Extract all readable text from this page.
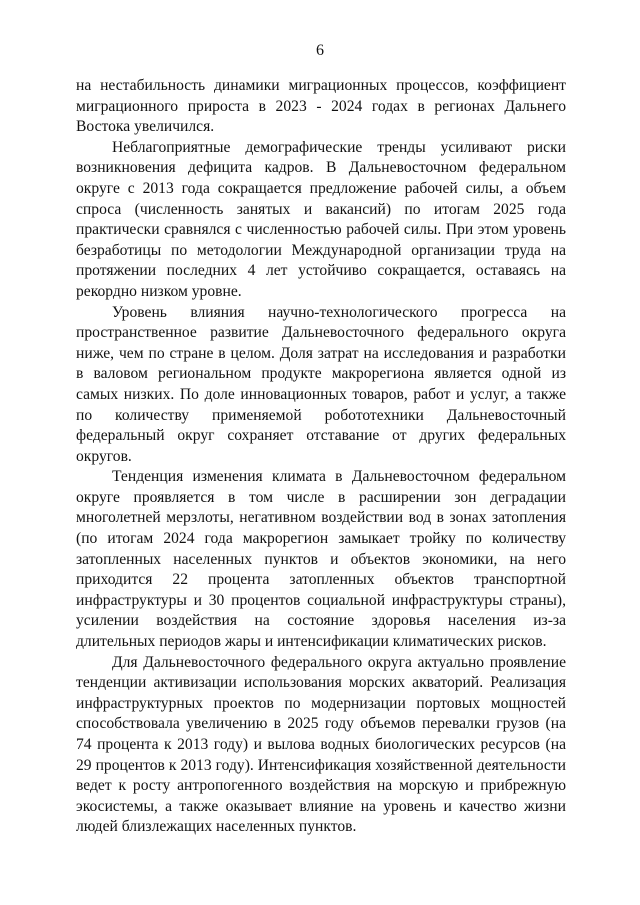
6

на нестабильность динамики миграционных процессов, коэффициент миграционного прироста в 2023 - 2024 годах в регионах Дальнего Востока увеличился.

Неблагоприятные демографические тренды усиливают риски возникновения дефицита кадров. В Дальневосточном федеральном округе с 2013 года сокращается предложение рабочей силы, а объем спроса (численность занятых и вакансий) по итогам 2025 года практически сравнялся с численностью рабочей силы. При этом уровень безработицы по методологии Международной организации труда на протяжении последних 4 лет устойчиво сокращается, оставаясь на рекордно низком уровне.

Уровень влияния научно-технологического прогресса на пространственное развитие Дальневосточного федерального округа ниже, чем по стране в целом. Доля затрат на исследования и разработки в валовом региональном продукте макрорегиона является одной из самых низких. По доле инновационных товаров, работ и услуг, а также по количеству применяемой робототехники Дальневосточный федеральный округ сохраняет отставание от других федеральных округов.

Тенденция изменения климата в Дальневосточном федеральном округе проявляется в том числе в расширении зон деградации многолетней мерзлоты, негативном воздействии вод в зонах затопления (по итогам 2024 года макрорегион замыкает тройку по количеству затопленных населенных пунктов и объектов экономики, на него приходится 22 процента затопленных объектов транспортной инфраструктуры и 30 процентов социальной инфраструктуры страны), усилении воздействия на состояние здоровья населения из-за длительных периодов жары и интенсификации климатических рисков.

Для Дальневосточного федерального округа актуально проявление тенденции активизации использования морских акваторий. Реализация инфраструктурных проектов по модернизации портовых мощностей способствовала увеличению в 2025 году объемов перевалки грузов (на 74 процента к 2013 году) и вылова водных биологических ресурсов (на 29 процентов к 2013 году). Интенсификация хозяйственной деятельности ведет к росту антропогенного воздействия на морскую и прибрежную экосистемы, а также оказывает влияние на уровень и качество жизни людей близлежащих населенных пунктов.
